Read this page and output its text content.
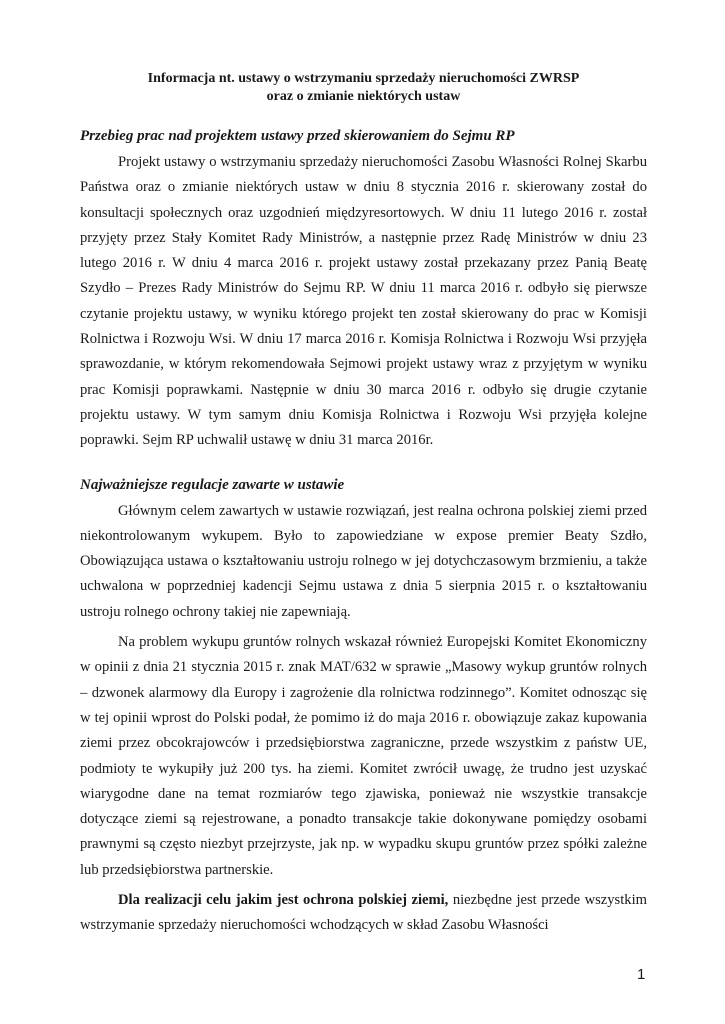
Informacja nt. ustawy o wstrzymaniu sprzedaży nieruchomości ZWRSP
oraz o zmianie niektórych ustaw
Przebieg prac nad projektem ustawy przed skierowaniem do Sejmu RP

Projekt ustawy o wstrzymaniu sprzedaży nieruchomości Zasobu Własności Rolnej Skarbu Państwa oraz o zmianie niektórych ustaw w dniu 8 stycznia 2016 r. skierowany został do konsultacji społecznych oraz uzgodnień międzyresortowych. W dniu 11 lutego 2016 r. został przyjęty przez Stały Komitet Rady Ministrów, a następnie przez Radę Ministrów w dniu 23 lutego 2016 r. W dniu 4 marca 2016 r. projekt ustawy został przekazany przez Panią Beatę Szydło – Prezes Rady Ministrów do Sejmu RP. W dniu 11 marca 2016 r. odbyło się pierwsze czytanie projektu ustawy, w wyniku którego projekt ten został skierowany do prac w Komisji Rolnictwa i Rozwoju Wsi. W dniu 17 marca 2016 r. Komisja Rolnictwa i Rozwoju Wsi przyjęła sprawozdanie, w którym rekomendowała Sejmowi projekt ustawy wraz z przyjętym w wyniku prac Komisji poprawkami. Następnie w dniu 30 marca 2016 r. odbyło się drugie czytanie projektu ustawy. W tym samym dniu Komisja Rolnictwa i Rozwoju Wsi przyjęła kolejne poprawki. Sejm RP uchwalił ustawę w dniu 31 marca 2016r.

Najważniejsze regulacje zawarte w ustawie

Głównym celem zawartych w ustawie rozwiązań, jest realna ochrona polskiej ziemi przed niekontrolowanym wykupem. Było to zapowiedziane w expose premier Beaty Szdło, Obowiązująca ustawa o kształtowaniu ustroju rolnego w jej dotychczasowym brzmieniu, a także uchwalona w poprzedniej kadencji Sejmu ustawa z dnia 5 sierpnia 2015 r. o kształtowaniu ustroju rolnego ochrony takiej nie zapewniają.

Na problem wykupu gruntów rolnych wskazał również Europejski Komitet Ekonomiczny w opinii z dnia 21 stycznia 2015 r. znak MAT/632 w sprawie „Masowy wykup gruntów rolnych – dzwonek alarmowy dla Europy i zagrożenie dla rolnictwa rodzinnego”. Komitet odnosząc się w tej opinii wprost do Polski podał, że pomimo iż do maja 2016 r. obowiązuje zakaz kupowania ziemi przez obcokrajowców i przedsiębiorstwa zagraniczne, przede wszystkim z państw UE, podmioty te wykupiły już 200 tys. ha ziemi. Komitet zwrócił uwagę, że trudno jest uzyskać wiarygodne dane na temat rozmiarów tego zjawiska, ponieważ nie wszystkie transakcje dotyczące ziemi są rejestrowane, a ponadto transakcje takie dokonywane pomiędzy osobami prawnymi są często niezbyt przejrzyste, jak np. w wypadku skupu gruntów przez spółki zależne lub przedsiębiorstwa partnerskie.

Dla realizacji celu jakim jest ochrona polskiej ziemi, niezbędne jest przede wszystkim wstrzymanie sprzedaży nieruchomości wchodzących w skład Zasobu Własności

1
